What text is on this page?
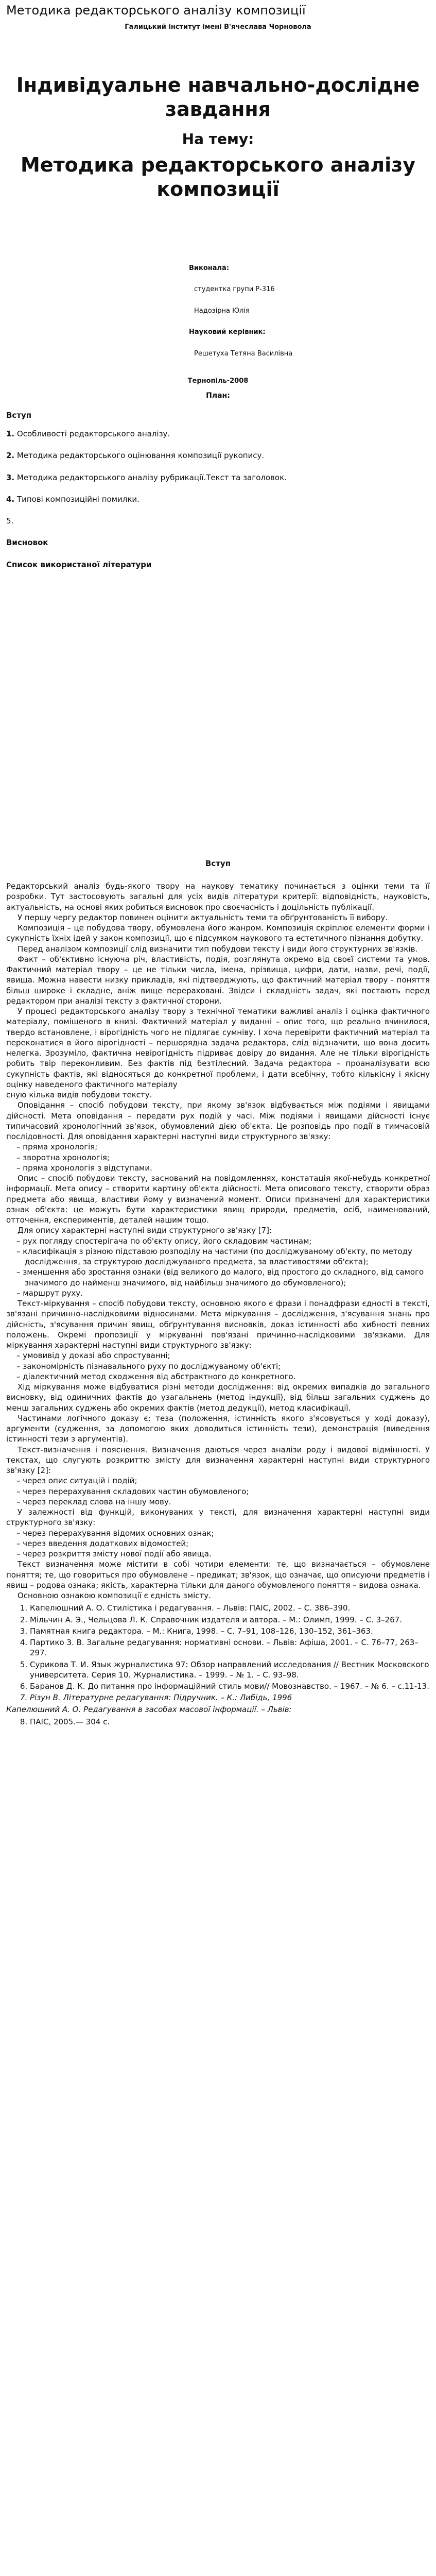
Методика редакторського аналізу композиції
Галицький інститут імені В'ячеслава Чорновола
Індивідуальне навчально-дослідне завдання
На тему:
Методика редакторського аналізу композиції
Виконала:
студентка групи Р-316
Надозірна Юлія
Науковий керівник:
Решетуха Тетяна Василівна
Тернопіль-2008
План:
Вступ
1. Особливості редакторського аналізу.
2. Методика редакторського оцінювання композиції рукопису.
3. Методика редакторського аналізу рубрикації.Текст та заголовок.
4. Типові композиційні помилки.
5.
Висновок
Список використаної літератури
Вступ

Редакторський аналіз будь-якого твору на наукову тематику починається з оцінки теми та її розробки. Тут застосовують загальні для усіх видів літератури критерії: відповідність, науковість, актуальність, на основі яких робиться висновок про своєчасність і доцільність публікації.

У першу чергу редактор повинен оцінити актуальність теми та обґрунтованість її вибору.

Композиція – це побудова твору, обумовлена його жанром. Композиція скріплює елементи форми і сукупність їхніх ідей у закон композиції, що є підсумком наукового та естетичного пізнання добутку.

Перед аналізом композиції слід визначити тип побудови тексту і види його структурних зв'язків.

Факт – об'єктивно існуюча річ, властивість, подія, розглянута окремо від своєї системи та умов. Фактичний матеріал твору – це не тільки числа, імена, прізвища, цифри, дати, назви, речі, події, явища. Можна навести низку прикладів, які підтверджують, що фактичний матеріал твору - поняття більш широке і складне, аніж вище перераховані. Звідси і складність задач, які постають перед редактором при аналізі тексту з фактичної сторони.

У процесі редакторського аналізу твору з технічної тематики важливі аналіз і оцінка фактичного матеріалу, поміщеного в книзі. Фактичний матеріал у виданні – опис того, що реально вчинилося, твердо встановлене, і вірогідність чого не підлягає сумніву. І хоча перевірити фактичний матеріал та переконатися в його вірогідності – першорядна задача редактора, слід відзначити, що вона досить нелегка. Зрозуміло, фактична невірогідність підриває довіру до видання. Але не тільки вірогідність робить твір переконливим. Без фактів під безтілесний. Задача редактора – проаналізувати всю сукупність фактів, які відносяться до конкретної проблеми, і дати всебічну, тобто кількісну і якісну оцінку наведеного фактичного матеріалу

сную кілька видів побудови тексту.

Оповідання – спосіб побудови тексту, при якому зв'язок відбувається між подіями і явищами дійсності. Мета оповідання – передати рух подій у часі. Між подіями і явищами дійсності існує типичасовий хронологічний зв'язок, обумовлений дією об'єкта. Це розповідь про події в тимчасовій послідовності. Для оповідання характерні наступні види структурного зв'язку:

– пряма хронологія;
– зворотна хронологія;
– пряма хронологія з відступами.

Опис – спосіб побудови тексту, заснований на повідомленнях, констатація якої-небудь конкретної інформації. Мета опису – створити картину об'єкта дійсності. Мета описового тексту, створити образ предмета або явища, властиви йому у визначений момент. Описи призначені для характеристики ознак об'єкта: це можуть бути характеристики явищ природи, предметів, осіб, наименований, отточення, експериментів, деталей нашим тощо.

Для опису характерні наступні види структурного зв'язку [7]:

– рух погляду спостерігача по об'єкту опису, його складовим частинам;
– класифікація з різною підставою розподілу на частини (по досліджуваному об'єкту, по методу дослідження, за структурою досліджуваного предмета, за властивостями об'єкта);
– зменшення або зростання ознаки (від великого до малого, від простого до складного, від самого значимого до найменш значимого, від найбільш значимого до обумовленого);
– маршрут руху.

Текст-міркування – спосіб побудови тексту, основною якого є фрази і понадфрази єдності в тексті, зв'язані причинно-наслідковими відносинами. Мета міркування – дослідження, з'ясування знань про дійсність, з'ясування причин явищ, обґрунтування висновків, доказ істинності або хибності певних положень. Окремі пропозиції у міркуванні пов'язані причинно-наслідковими зв'язками. Для міркування характерні наступні види структурного зв'язку:

– умовивід у доказі або спростуванні;
– закономірність пізнавального руху по досліджуваному об'єкті;
– діалектичний метод сходження від абстрактного до конкретного.

Хід міркування може відбуватися різні методи дослідження: від окремих випадків до загального висновку, від одиничних фактів до узагальнень (метод індукції), від більш загальних суджень до менш загальних суджень або окремих фактів (метод дедукції), метод класифікації.

Частинами логічного доказу є: теза (положення, істинність якого з'ясовується у ході доказу), аргументи (судження, за допомогою яких доводиться істинність тези), демонстрація (виведення істинності тези з аргументів).

Текст-визначення і пояснення. Визначення даються через аналізи роду і видової відмінності. У текстах, що слугують розкриттю змісту для визначення характерні наступні види структурного зв'язку [2]:

– через опис ситуацій і подій;
– через перерахування складових частин обумовленого;
– через переклад слова на іншу мову.

У залежності від функцій, виконуваних у тексті, для визначення характерні наступні види структурного зв'язку:

– через перерахування відомих основних ознак;
– через введення додаткових відомостей;
– через розкриття змісту нової події або явища.

Текст визначення може містити в собі чотири елементи: те, що визначається – обумовлене поняття; те, що говориться про обумовлене – предикат; зв'язок, що означає, що описуючи предметів і явищ – родова ознака; якість, характерна тільки для даного обумовленого поняття – видова ознака.

Основною ознакою композиції є єдність змісту.

1. Капелюшний А. О. Стилістика і редагування. – Львів: ПАІС, 2002. – С. 386–390.
2. Мільчин А. Э., Чельцова Л. К. Справочник издателя и автора. – М.: Олимп, 1999. – С. 3–267.
3. Памятная книга редактора. – М.: Книга, 1998. – С. 7–91, 108–126, 130–152, 361–363.
4. Партико З. В. Загальне редагування: нормативні основи. – Львів: Афіша, 2001. – С. 76–77, 263–297.
5. Сурикова Т. И. Язык журналистика 97: Обзор направлений исследования // Вестник Московского университета. Серия 10. Журналистика. – 1999. – № 1. – С. 93–98.
6. Баранов Д. К. До питання про інформаційний стиль мови// Мовознавство. – 1967. – № 6. – с.11-13.
7. Різун В. Літературне редагування: Підручник. – К.: Либідь, 1996

Капелюшний А. О. Редагування в засобах масової інформації. – Львів:

8. ПАІС, 2005.— 304 с.
